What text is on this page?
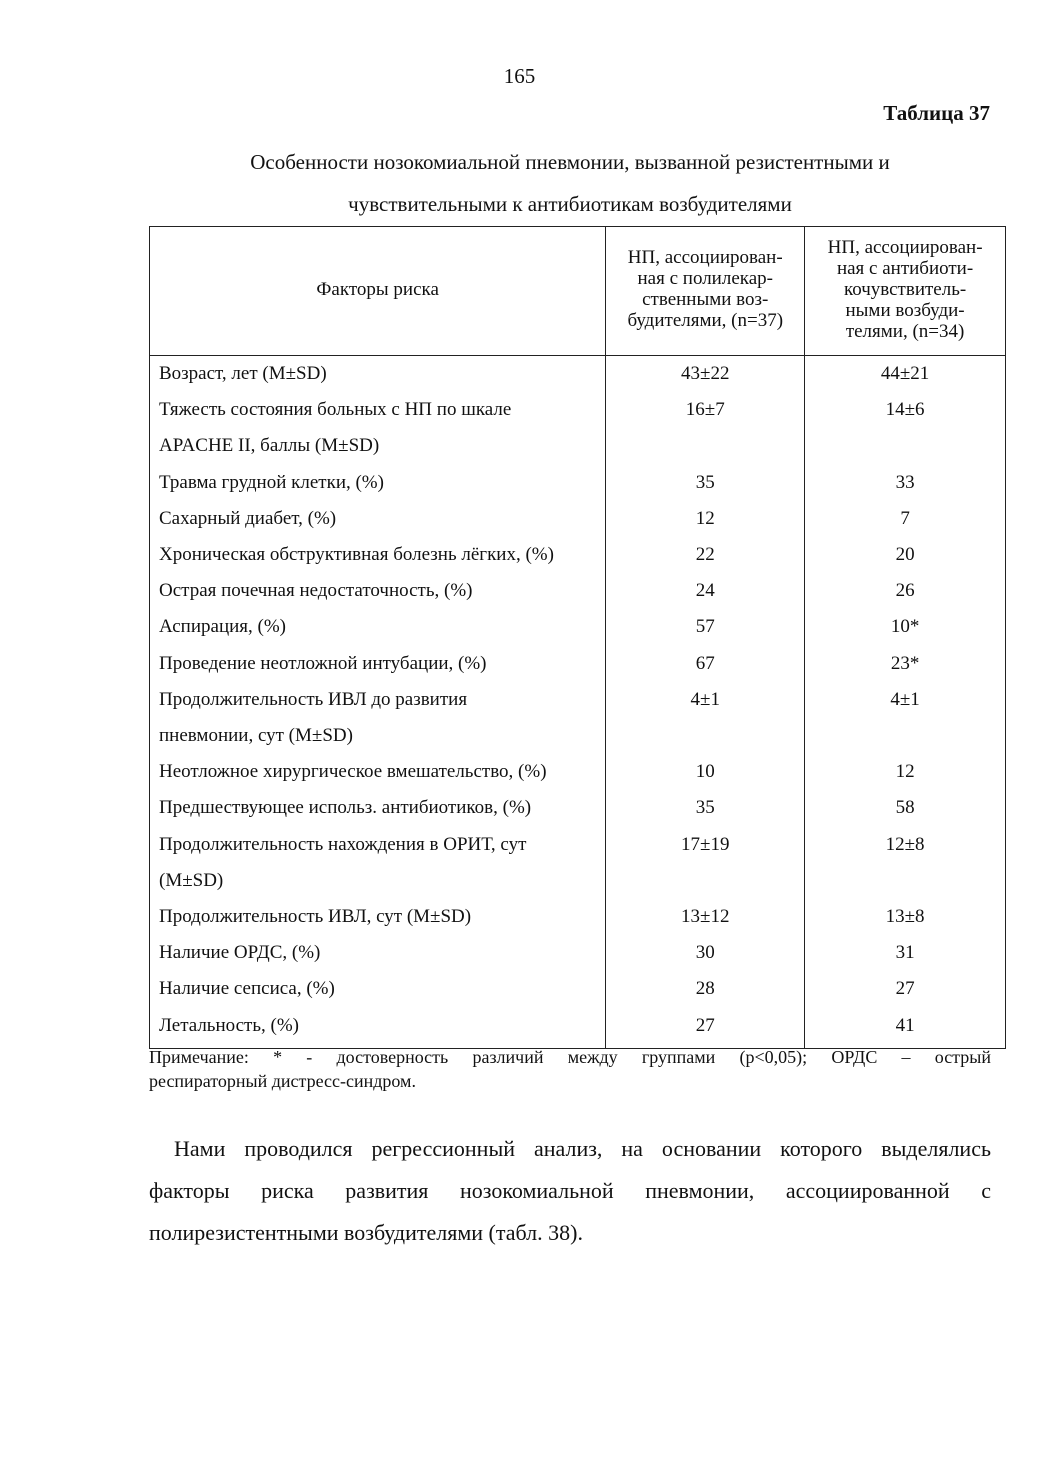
165
Таблица 37
Особенности нозокомиальной пневмонии, вызванной резистентными и
чувствительными к антибиотикам возбудителями
Факторы риска	НП, ассоциирован-
ная с полилекар-
ственными воз-
будителями, (n=37)	НП, ассоциирован-
ная с антибиоти-
кочувствитель-
ными возбуди-
телями, (n=34)
Возраст, лет (M±SD)	43±22	44±21
Тяжесть состояния больных с НП по шкале
APACHE II, баллы (M±SD)	16±7	14±6
Травма грудной клетки, (%)	35	33
Сахарный диабет, (%)	12	7
Хроническая обструктивная болезнь лёгких, (%)	22	20
Острая почечная недостаточность, (%)	24	26
Аспирация, (%)	57	10*
Проведение неотложной интубации, (%)	67	23*
Продолжительность ИВЛ до развития
пневмонии, сут (M±SD)	4±1	4±1
Неотложное хирургическое вмешательство, (%)	10	12
Предшествующее использ. антибиотиков, (%)	35	58
Продолжительность нахождения в ОРИТ, сут
(M±SD)	17±19	12±8
Продолжительность ИВЛ, сут (M±SD)	13±12	13±8
Наличие ОРДС, (%)	30	31
Наличие сепсиса, (%)	28	27
Летальность, (%)	27	41
Примечание: * - достоверность различий между группами (p<0,05); ОРДС – острый
респираторный дистресс-синдром.
Нами проводился регрессионный анализ, на основании которого выделялись
факторы риска развития нозокомиальной пневмонии, ассоциированной с
полирезистентными возбудителями (табл. 38).
